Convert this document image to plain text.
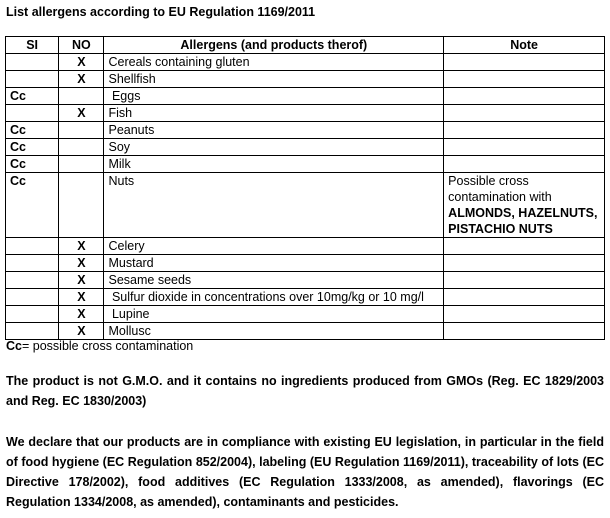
List allergens according to EU Regulation 1169/2011
SI	NO	Allergens (and products therof)	Note
	X	Cereals containing gluten	
	X	Shellfish	
Cc		Eggs	
	X	Fish	
Cc		Peanuts	
Cc		Soy	
Cc		Milk	
Cc		Nuts	Possible cross
contamination with
ALMONDS, HAZELNUTS,
PISTACHIO NUTS

	X	Celery	
	X	Mustard	
	X	Sesame seeds	
	X	Sulfur dioxide in concentrations over 10mg/kg or 10 mg/l	
	X	Lupine	
	X	Mollusc	
Cc= possible cross contamination
The product is not G.M.O. and it contains no ingredients produced from GMOs (Reg. EC 1829/2003 and Reg. EC 1830/2003)
We declare that our products are in compliance with existing EU legislation, in particular in the field of food hygiene (EC Regulation 852/2004), labeling (EU Regulation 1169/2011), traceability of lots (EC Directive 178/2002), food additives (EC Regulation 1333/2008, as amended), flavorings (EC Regulation 1334/2008, as amended), contaminants and pesticides.
